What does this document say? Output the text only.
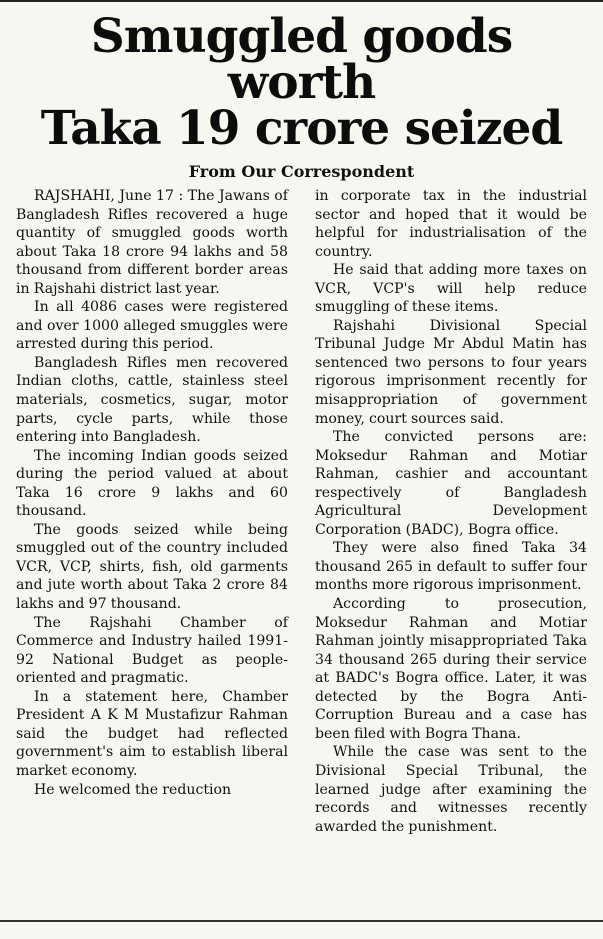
Smuggled goods worth
Taka 19 crore seized
From Our Correspondent

RAJSHAHI, June 17 : The Jawans of Bangladesh Rifles recovered a huge quantity of smuggled goods worth about Taka 18 crore 94 lakhs and 58 thousand from different border areas in Rajshahi district last year.

In all 4086 cases were registered and over 1000 alleged smuggles were arrested during this period.

Bangladesh Rifles men recovered Indian cloths, cattle, stainless steel materials, cosmetics, sugar, motor parts, cycle parts, while those entering into Bangladesh.

The incoming Indian goods seized during the period valued at about Taka 16 crore 9 lakhs and 60 thousand.

The goods seized while being smuggled out of the country included VCR, VCP, shirts, fish, old garments and jute worth about Taka 2 crore 84 lakhs and 97 thousand.

The Rajshahi Chamber of Commerce and Industry hailed 1991-92 National Budget as people-oriented and pragmatic.

In a statement here, Chamber President A K M Mustafizur Rahman said the budget had reflected government's aim to establish liberal market economy.

He welcomed the reduction

in corporate tax in the industrial sector and hoped that it would be helpful for industrialisation of the country.

He said that adding more taxes on VCR, VCP's will help reduce smuggling of these items.

Rajshahi Divisional Special Tribunal Judge Mr Abdul Matin has sentenced two persons to four years rigorous imprisonment recently for misappropriation of government money, court sources said.

The convicted persons are: Moksedur Rahman and Motiar Rahman, cashier and accountant respectively of Bangladesh Agricultural Development Corporation (BADC), Bogra office.

They were also fined Taka 34 thousand 265 in default to suffer four months more rigorous imprisonment.

According to prosecution, Moksedur Rahman and Motiar Rahman jointly misappropriated Taka 34 thousand 265 during their service at BADC's Bogra office. Later, it was detected by the Bogra Anti-Corruption Bureau and a case has been filed with Bogra Thana.

While the case was sent to the Divisional Special Tribunal, the learned judge after examining the records and witnesses recently awarded the punishment.
